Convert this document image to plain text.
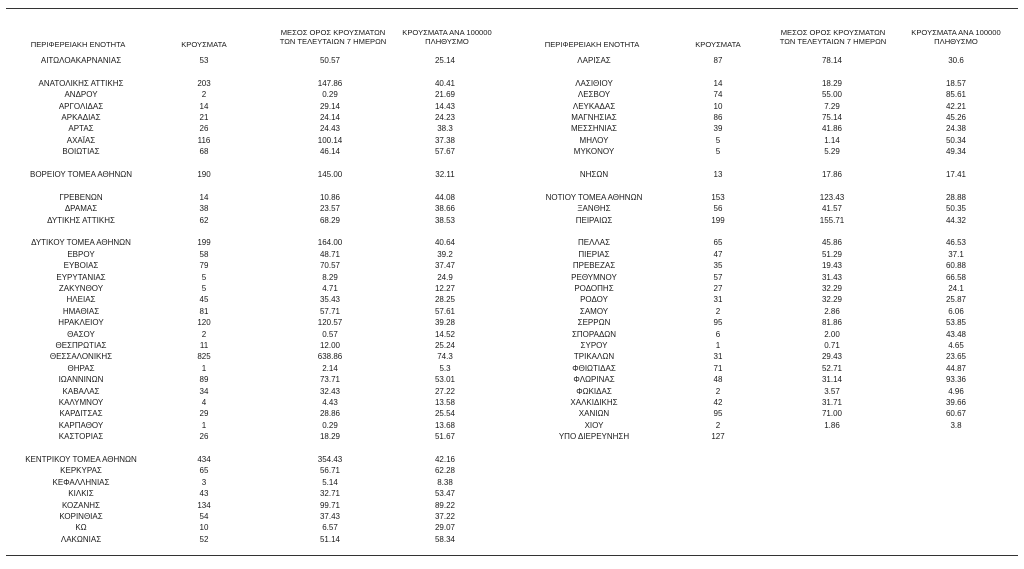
ΠΕΡΙΦΕΡΕΙΑΚΗ ΕΝΟΤΗΤΑ	ΚΡΟΥΣΜΑΤΑ
ΜΕΣΟΣ ΟΡΟΣ ΚΡΟΥΣΜΑΤΩΝ
ΤΩΝ ΤΕΛΕΥΤΑΙΩΝ 7 ΗΜΕΡΩΝ
ΚΡΟΥΣΜΑΤΑ ΑΝΑ 100000
ΠΛΗΘΥΣΜΟ
ΑΙΤΩΛΟΑΚΑΡΝΑΝΙΑΣ	53	50.57	25.14
ΑΝΑΤΟΛΙΚΗΣ ΑΤΤΙΚΗΣ	203	147.86	40.41
ΑΝΔΡΟΥ	2	0.29	21.69
ΑΡΓΟΛΙΔΑΣ	14	29.14	14.43
ΑΡΚΑΔΙΑΣ	21	24.14	24.23
ΑΡΤΑΣ	26	24.43	38.3
ΑΧΑΪΑΣ	116	100.14	37.38
ΒΟΙΩΤΙΑΣ	68	46.14	57.67
ΒΟΡΕΙΟΥ ΤΟΜΕΑ ΑΘΗΝΩΝ	190	145.00	32.11
ΓΡΕΒΕΝΩΝ	14	10.86	44.08
ΔΡΑΜΑΣ	38	23.57	38.66
ΔΥΤΙΚΗΣ ΑΤΤΙΚΗΣ	62	68.29	38.53
ΔΥΤΙΚΟΥ ΤΟΜΕΑ ΑΘΗΝΩΝ	199	164.00	40.64
ΕΒΡΟΥ	58	48.71	39.2
ΕΥΒΟΙΑΣ	79	70.57	37.47
ΕΥΡΥΤΑΝΙΑΣ	5	8.29	24.9
ΖΑΚΥΝΘΟΥ	5	4.71	12.27
ΗΛΕΙΑΣ	45	35.43	28.25
ΗΜΑΘΙΑΣ	81	57.71	57.61
ΗΡΑΚΛΕΙΟΥ	120	120.57	39.28
ΘΑΣΟΥ	2	0.57	14.52
ΘΕΣΠΡΩΤΙΑΣ	11	12.00	25.24
ΘΕΣΣΑΛΟΝΙΚΗΣ	825	638.86	74.3
ΘΗΡΑΣ	1	2.14	5.3
ΙΩΑΝΝΙΝΩΝ	89	73.71	53.01
ΚΑΒΑΛΑΣ	34	32.43	27.22
ΚΑΛΥΜΝΟΥ	4	4.43	13.58
ΚΑΡΔΙΤΣΑΣ	29	28.86	25.54
ΚΑΡΠΑΘΟΥ	1	0.29	13.68
ΚΑΣΤΟΡΙΑΣ	26	18.29	51.67
ΚΕΝΤΡΙΚΟΥ ΤΟΜΕΑ ΑΘΗΝΩΝ	434	354.43	42.16
ΚΕΡΚΥΡΑΣ	65	56.71	62.28
ΚΕΦΑΛΛΗΝΙΑΣ	3	5.14	8.38
ΚΙΛΚΙΣ	43	32.71	53.47
ΚΟΖΑΝΗΣ	134	99.71	89.22
ΚΟΡΙΝΘΙΑΣ	54	37.43	37.22
ΚΩ	10	6.57	29.07
ΛΑΚΩΝΙΑΣ	52	51.14	58.34
ΠΕΡΙΦΕΡΕΙΑΚΗ ΕΝΟΤΗΤΑ	ΚΡΟΥΣΜΑΤΑ
ΜΕΣΟΣ ΟΡΟΣ ΚΡΟΥΣΜΑΤΩΝ
ΤΩΝ ΤΕΛΕΥΤΑΙΩΝ 7 ΗΜΕΡΩΝ
ΚΡΟΥΣΜΑΤΑ ΑΝΑ 100000
ΠΛΗΘΥΣΜΟ
ΛΑΡΙΣΑΣ	87	78.14	30.6
ΛΑΣΙΘΙΟΥ	14	18.29	18.57
ΛΕΣΒΟΥ	74	55.00	85.61
ΛΕΥΚΑΔΑΣ	10	7.29	42.21
ΜΑΓΝΗΣΙΑΣ	86	75.14	45.26
ΜΕΣΣΗΝΙΑΣ	39	41.86	24.38
ΜΗΛΟΥ	5	1.14	50.34
ΜΥΚΟΝΟΥ	5	5.29	49.34
ΝΗΣΩΝ	13	17.86	17.41
ΝΟΤΙΟΥ ΤΟΜΕΑ ΑΘΗΝΩΝ	153	123.43	28.88
ΞΑΝΘΗΣ	56	41.57	50.35
ΠΕΙΡΑΙΩΣ	199	155.71	44.32
ΠΕΛΛΑΣ	65	45.86	46.53
ΠΙΕΡΙΑΣ	47	51.29	37.1
ΠΡΕΒΕΖΑΣ	35	19.43	60.88
ΡΕΘΥΜΝΟΥ	57	31.43	66.58
ΡΟΔΟΠΗΣ	27	32.29	24.1
ΡΟΔΟΥ	31	32.29	25.87
ΣΑΜΟΥ	2	2.86	6.06
ΣΕΡΡΩΝ	95	81.86	53.85
ΣΠΟΡΑΔΩΝ	6	2.00	43.48
ΣΥΡΟΥ	1	0.71	4.65
ΤΡΙΚΑΛΩΝ	31	29.43	23.65
ΦΘΙΩΤΙΔΑΣ	71	52.71	44.87
ΦΛΩΡΙΝΑΣ	48	31.14	93.36
ΦΩΚΙΔΑΣ	2	3.57	4.96
ΧΑΛΚΙΔΙΚΗΣ	42	31.71	39.66
ΧΑΝΙΩΝ	95	71.00	60.67
ΧΙΟΥ	2	1.86	3.8
ΥΠΟ ΔΙΕΡΕΥΝΗΣΗ	127
